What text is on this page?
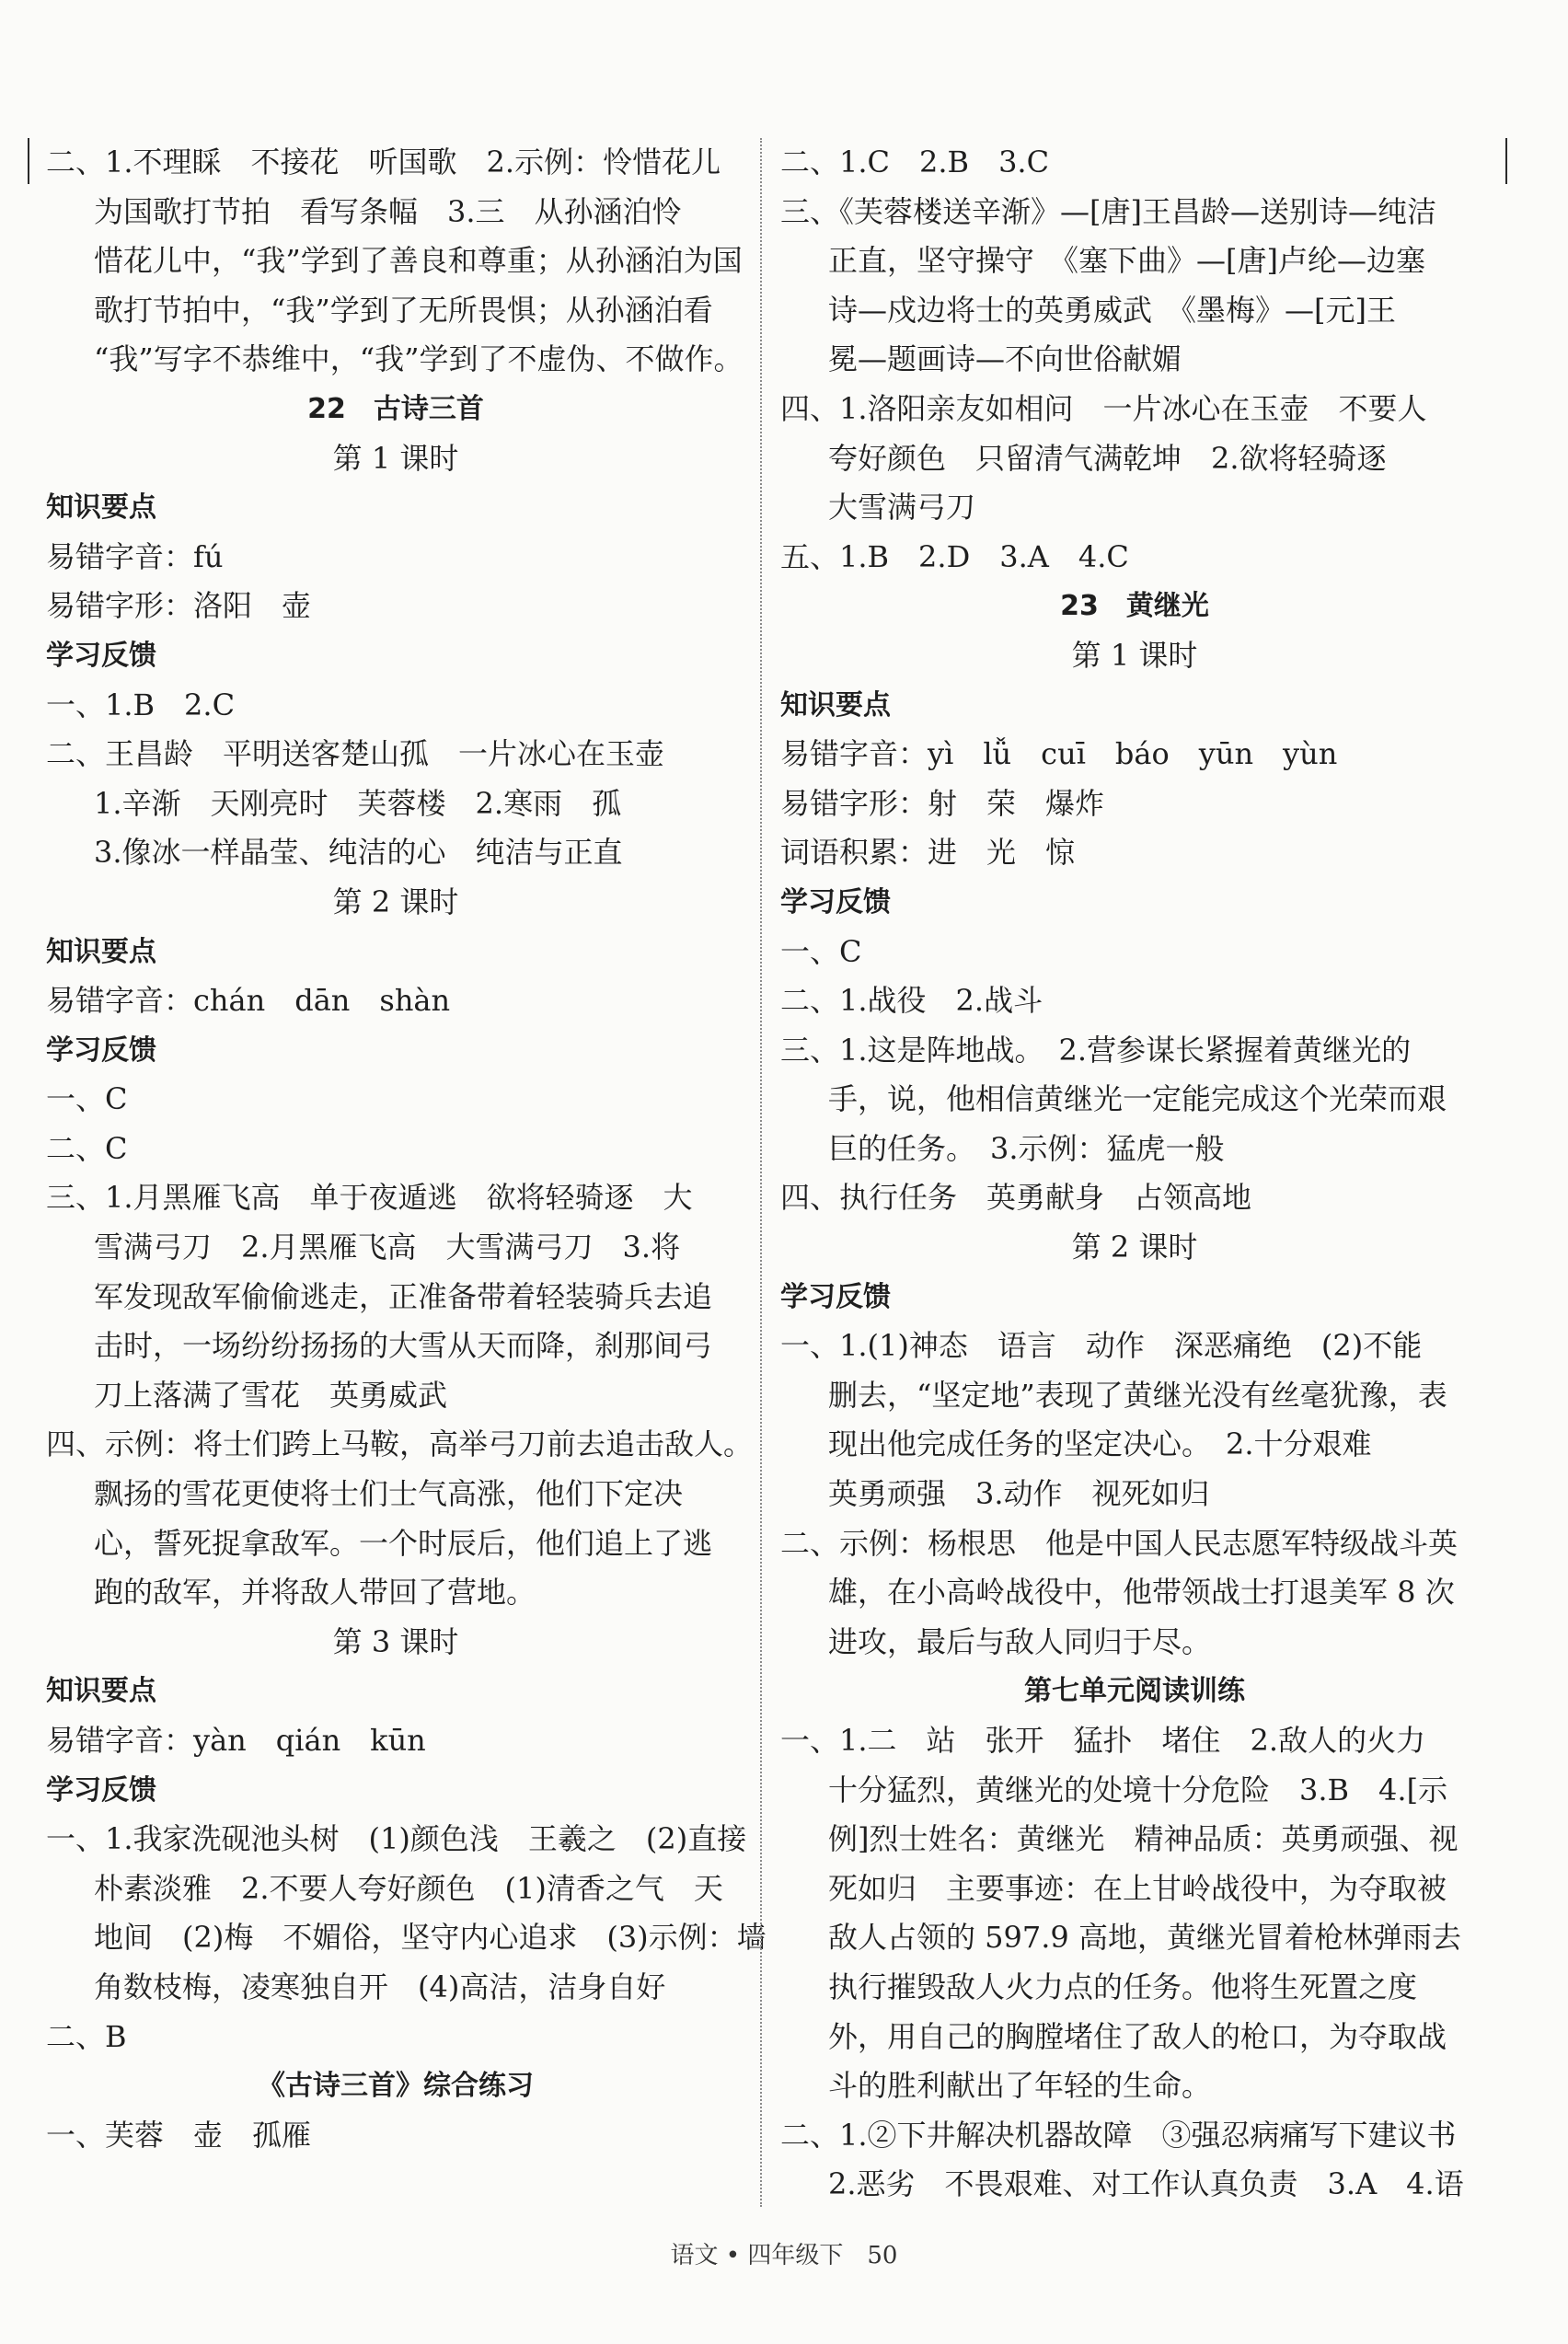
二、1.不理睬　不接花　听国歌　2.示例：怜惜花儿
为国歌打节拍　看写条幅　3.三　从孙涵泊怜
惜花儿中，“我”学到了善良和尊重；从孙涵泊为国
歌打节拍中，“我”学到了无所畏惧；从孙涵泊看
“我”写字不恭维中，“我”学到了不虚伪、不做作。
22　古诗三首
第 1 课时
知识要点
易错字音：fú
易错字形：洛阳　壶
学习反馈
一、1.B　2.C
二、王昌龄　平明送客楚山孤　一片冰心在玉壶
1.辛渐　天刚亮时　芙蓉楼　2.寒雨　孤
3.像冰一样晶莹、纯洁的心　纯洁与正直
第 2 课时
知识要点
易错字音：chán　dān　shàn
学习反馈
一、C
二、C
三、1.月黑雁飞高　单于夜遁逃　欲将轻骑逐　大
雪满弓刀　2.月黑雁飞高　大雪满弓刀　3.将
军发现敌军偷偷逃走，正准备带着轻装骑兵去追
击时，一场纷纷扬扬的大雪从天而降，刹那间弓
刀上落满了雪花　英勇威武
四、示例：将士们跨上马鞍，高举弓刀前去追击敌人。
飘扬的雪花更使将士们士气高涨，他们下定决
心，誓死捉拿敌军。一个时辰后，他们追上了逃
跑的敌军，并将敌人带回了营地。
第 3 课时
知识要点
易错字音：yàn　qián　kūn
学习反馈
一、1.我家洗砚池头树　(1)颜色浅　王羲之　(2)直接
朴素淡雅　2.不要人夸好颜色　(1)清香之气　天
地间　(2)梅　不媚俗，坚守内心追求　(3)示例：墙
角数枝梅，凌寒独自开　(4)高洁，洁身自好
二、B
《古诗三首》综合练习
一、芙蓉　壶　孤雁
二、1.C　2.B　3.C
三、《芙蓉楼送辛渐》—[唐]王昌龄—送别诗—纯洁
正直，坚守操守　《塞下曲》—[唐]卢纶—边塞
诗—戍边将士的英勇威武　《墨梅》—[元]王
冕—题画诗—不向世俗献媚
四、1.洛阳亲友如相问　一片冰心在玉壶　不要人
夸好颜色　只留清气满乾坤　2.欲将轻骑逐
大雪满弓刀
五、1.B　2.D　3.A　4.C
23　黄继光
第 1 课时
知识要点
易错字音：yì　lǚ　cuī　báo　yūn　yùn
易错字形：射　荣　爆炸
词语积累：进　光　惊
学习反馈
一、C
二、1.战役　2.战斗
三、1.这是阵地战。　2.营参谋长紧握着黄继光的
手，说，他相信黄继光一定能完成这个光荣而艰
巨的任务。　3.示例：猛虎一般
四、执行任务　英勇献身　占领高地
第 2 课时
学习反馈
一、1.(1)神态　语言　动作　深恶痛绝　(2)不能
删去，“坚定地”表现了黄继光没有丝毫犹豫，表
现出他完成任务的坚定决心。　2.十分艰难
英勇顽强　3.动作　视死如归
二、示例：杨根思　他是中国人民志愿军特级战斗英
雄，在小高岭战役中，他带领战士打退美军 8 次
进攻，最后与敌人同归于尽。
第七单元阅读训练
一、1.二　站　张开　猛扑　堵住　2.敌人的火力
十分猛烈，黄继光的处境十分危险　3.B　4.[示
例]烈士姓名：黄继光　精神品质：英勇顽强、视
死如归　主要事迹：在上甘岭战役中，为夺取被
敌人占领的 597.9 高地，黄继光冒着枪林弹雨去
执行摧毁敌人火力点的任务。他将生死置之度
外，用自己的胸膛堵住了敌人的枪口，为夺取战
斗的胜利献出了年轻的生命。
二、1.②下井解决机器故障　③强忍病痛写下建议书
2.恶劣　不畏艰难、对工作认真负责　3.A　4.语
语文 • 四年级下　50
